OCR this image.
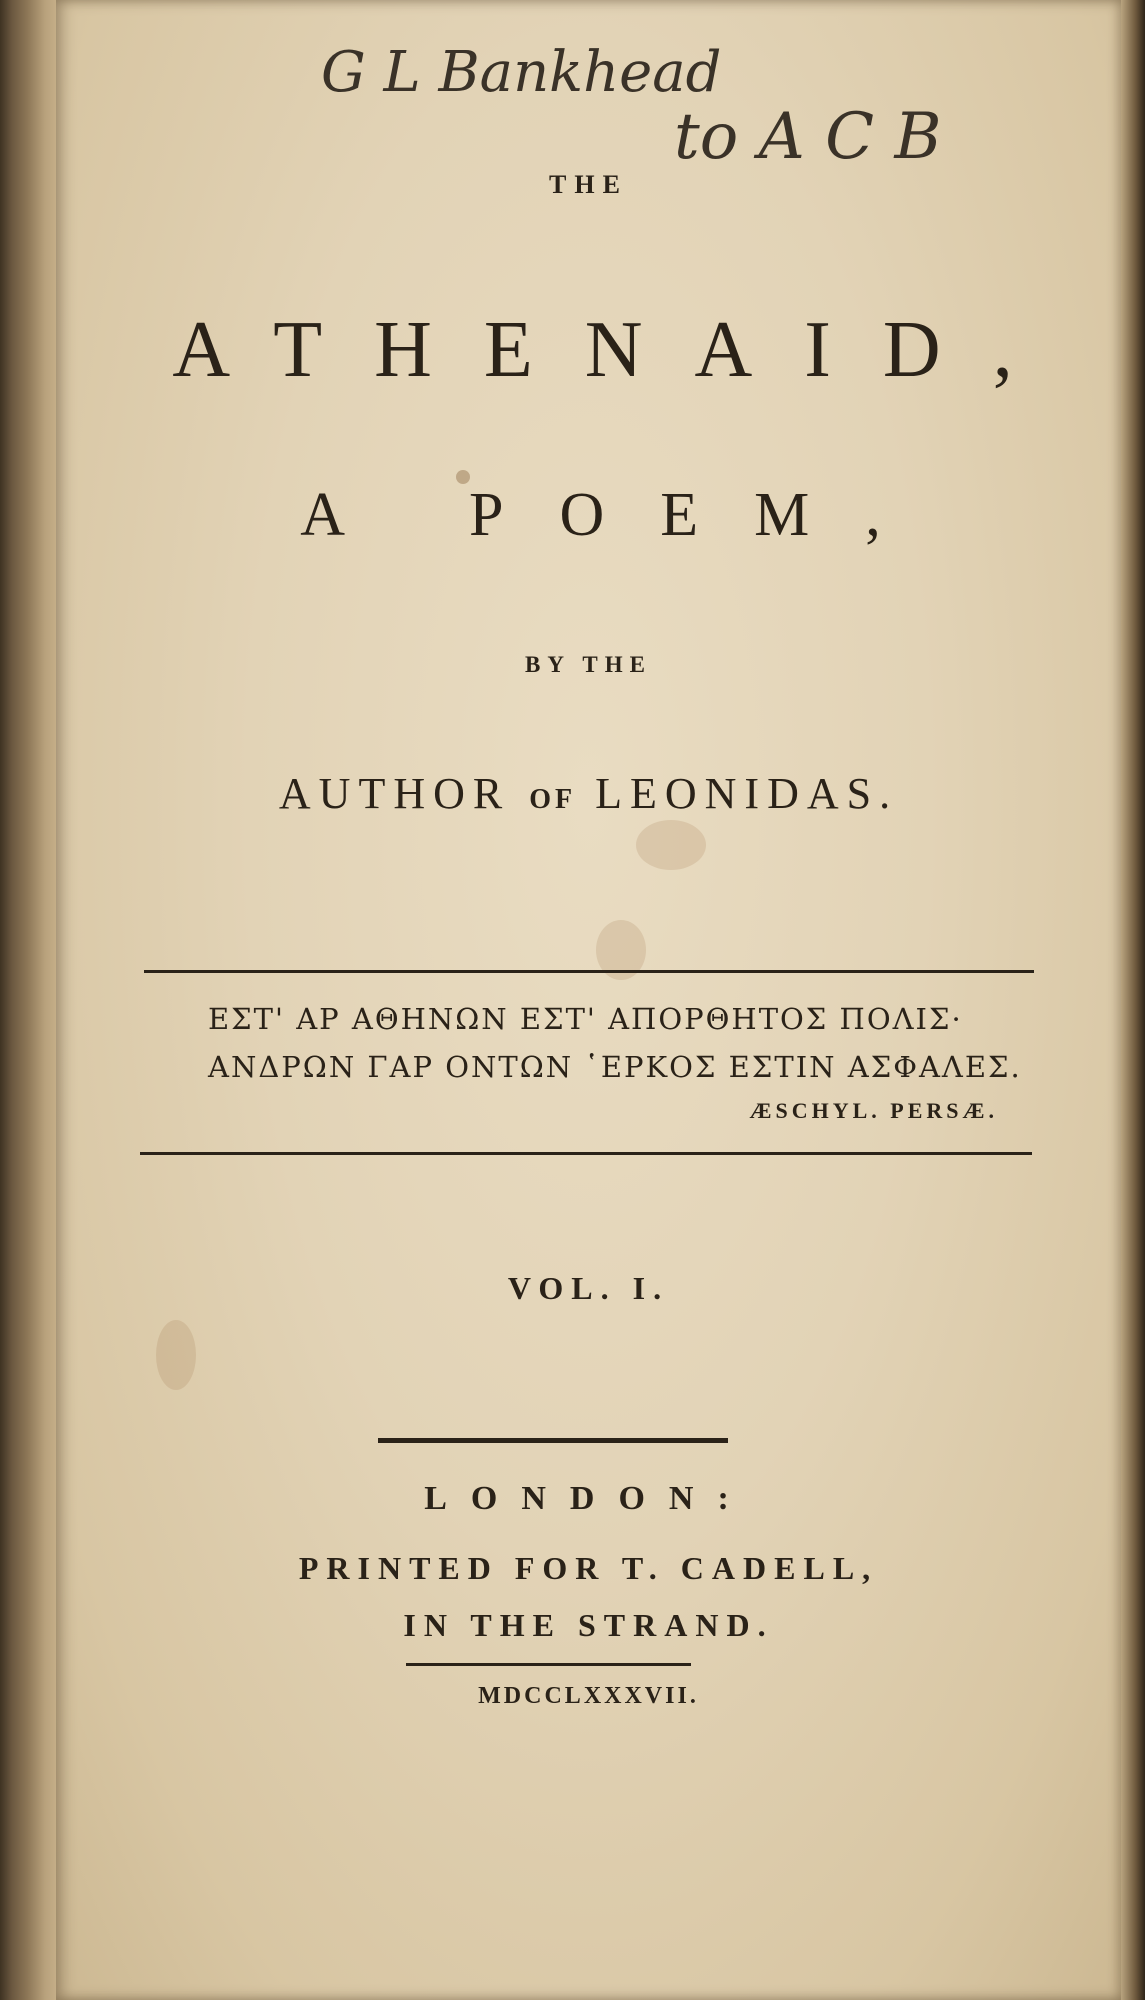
G L Bankhead
to A C B
THE
ATHENAID,
A POEM,
BY THE
AUTHOR OF LEONIDAS.
ΕΣΤ' ΑΡ ΑΘΗΝΩΝ ΕΣΤ' ΑΠΟΡΘΗΤΟΣ ΠΟΛΙΣ·
ΑΝΔΡΩΝ ΓΑΡ ΟΝΤΩΝ ῾ΕΡΚΟΣ ΕΣΤΙΝ ΑΣΦΑΛΕΣ.
ÆSCHYL. PERSÆ.
VOL. I.
LONDON:
PRINTED FOR T. CADELL,
IN THE STRAND.
MDCCLXXXVII.
